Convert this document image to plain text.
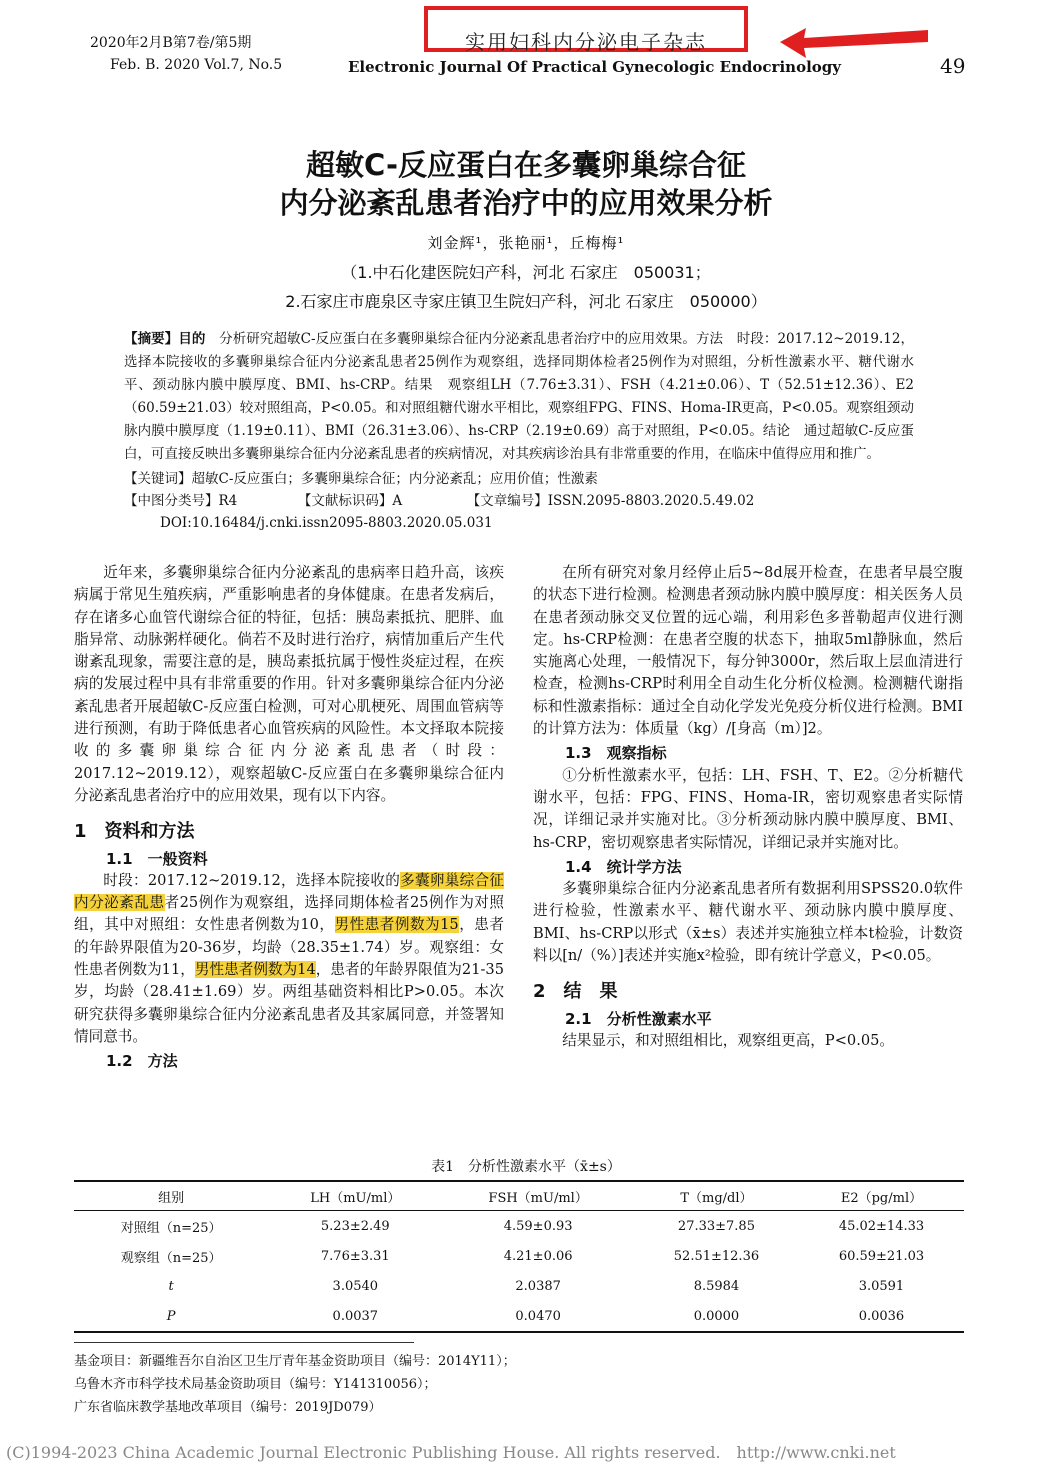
2020年2月B第7卷/第5期
Feb. B. 2020 Vol.7, No.5
实用妇科内分泌电子杂志
Electronic Journal Of Practical Gynecologic Endocrinology	49
超敏C-反应蛋白在多囊卵巢综合征
内分泌紊乱患者治疗中的应用效果分析
刘金辉¹，张艳丽¹，丘梅梅¹
（1.中石化建医院妇产科，河北 石家庄　050031；
2.石家庄市鹿泉区寺家庄镇卫生院妇产科，河北 石家庄　050000）
【摘要】目的　 分析研究超敏C-反应蛋白在多囊卵巢综合征内分泌紊乱患者治疗中的应用效果。方法　时段：2017.12~2019.12，选择本院接收的多囊卵巢综合征内分泌紊乱患者25例作为观察组，选择同期体检者25例作为对照组，分析性激素水平、糖代谢水平、颈动脉内膜中膜厚度、BMI、hs-CRP。结果　观察组LH（7.76±3.31）、FSH（4.21±0.06）、T（52.51±12.36）、E2（60.59±21.03）较对照组高，P<0.05。和对照组糖代谢水平相比，观察组FPG、FINS、Homa-IR更高，P<0.05。观察组颈动脉内膜中膜厚度（1.19±0.11）、BMI（26.31±3.06）、hs-CRP（2.19±0.69）高于对照组，P<0.05。结论　通过超敏C-反应蛋白，可直接反映出多囊卵巢综合征内分泌紊乱患者的疾病情况，对其疾病诊治具有非常重要的作用，在临床中值得应用和推广。
【关键词】超敏C-反应蛋白；多囊卵巢综合征；内分泌紊乱；应用价值；性激素
【中图分类号】R4	【文献标识码】A	【文章编号】ISSN.2095-8803.2020.5.49.02
DOI:10.16484/j.cnki.issn2095-8803.2020.05.031

近年来，多囊卵巢综合征内分泌紊乱的患病率日趋升高，该疾病属于常见生殖疾病，严重影响患者的身体健康。在患者发病后，存在诸多心血管代谢综合征的特征，包括：胰岛素抵抗、肥胖、血脂异常、动脉粥样硬化。倘若不及时进行治疗，病情加重后产生代谢紊乱现象，需要注意的是，胰岛素抵抗属于慢性炎症过程，在疾病的发展过程中具有非常重要的作用。针对多囊卵巢综合征内分泌紊乱患者开展超敏C-反应蛋白检测，可对心肌梗死、周围血管病等进行预测，有助于降低患者心血管疾病的风险性。本文择取本院接收的多囊卵巢综合征内分泌紊乱患者（时段：2017.12~2019.12），观察超敏C-反应蛋白在多囊卵巢综合征内分泌紊乱患者治疗中的应用效果，现有以下内容。

1　资料和方法
1.1　一般资料

时段：2017.12~2019.12，选择本院接收的多囊卵巢综合征内分泌紊乱患者25例作为观察组，选择同期体检者25例作为对照组，其中对照组：女性患者例数为10，男性患者例数为15，患者的年龄界限值为20-36岁，均龄（28.35±1.74）岁。观察组：女性患者例数为11，男性患者例数为14，患者的年龄界限值为21-35岁，均龄（28.41±1.69）岁。两组基础资料相比P>0.05。本次研究获得多囊卵巢综合征内分泌紊乱患者及其家属同意，并签署知情同意书。

1.2　方法

在所有研究对象月经停止后5~8d展开检查，在患者早晨空腹的状态下进行检测。检测患者颈动脉内膜中膜厚度：相关医务人员在患者颈动脉交叉位置的远心端，利用彩色多普勒超声仪进行测定。hs-CRP检测：在患者空腹的状态下，抽取5ml静脉血，然后实施离心处理，一般情况下，每分钟3000r，然后取上层血清进行检查，检测hs-CRP时利用全自动生化分析仪检测。检测糖代谢指标和性激素指标：通过全自动化学发光免疫分析仪进行检测。BMI的计算方法为：体质量（kg）/[身高（m）]2。

1.3　观察指标

①分析性激素水平，包括：LH、FSH、T、E2。②分析糖代谢水平，包括：FPG、FINS、Homa-IR，密切观察患者实际情况，详细记录并实施对比。③分析颈动脉内膜中膜厚度、BMI、hs-CRP，密切观察患者实际情况，详细记录并实施对比。

1.4　统计学方法

多囊卵巢综合征内分泌紊乱患者所有数据利用SPSS20.0软件进行检验，性激素水平、糖代谢水平、颈动脉内膜中膜厚度、BMI、hs-CRP以形式（x̄±s）表述并实施独立样本t检验，计数资料以[n/（%）]表述并实施x²检验，即有统计学意义，P<0.05。

2　结　果
2.1　分析性激素水平

结果显示，和对照组相比，观察组更高，P<0.05。

表1　分析性激素水平（x̄±s）
组别	LH（mU/ml）	FSH（mU/ml）	T（mg/dl）	E2（pg/ml）
对照组（n=25）	5.23±2.49	4.59±0.93	27.33±7.85	45.02±14.33
观察组（n=25）	7.76±3.31	4.21±0.06	52.51±12.36	60.59±21.03
t	3.0540	2.0387	8.5984	3.0591
P	0.0037	0.0470	0.0000	0.0036
基金项目：新疆维吾尔自治区卫生厅青年基金资助项目（编号：2014Y11）；
乌鲁木齐市科学技术局基金资助项目（编号：Y141310056）；
广东省临床教学基地改革项目（编号：2019JD079）
(C)1994-2023 China Academic Journal Electronic Publishing House. All rights reserved.　http://www.cnki.net
